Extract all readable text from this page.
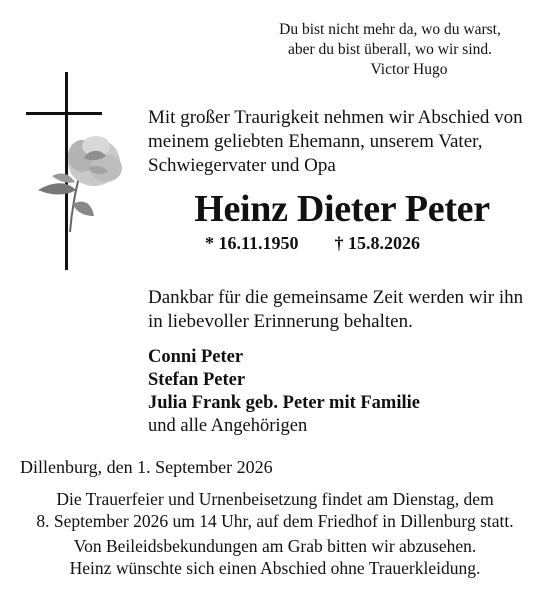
Du bist nicht mehr da, wo du warst,
aber du bist überall, wo wir sind.
Victor Hugo
Mit großer Traurigkeit nehmen wir Abschied von
meinem geliebten Ehemann, unserem Vater,
Schwiegervater und Opa
Heinz Dieter Peter
* 16.11.1950 † 15.8.2026
Dankbar für die gemeinsame Zeit werden wir ihn
in liebevoller Erinnerung behalten.
Conni Peter
Stefan Peter
Julia Frank geb. Peter mit Familie
und alle Angehörigen
Dillenburg, den 1. September 2026
Die Trauerfeier und Urnenbeisetzung findet am Dienstag, dem
8. September 2026 um 14 Uhr, auf dem Friedhof in Dillenburg statt.
Von Beileidsbekundungen am Grab bitten wir abzusehen.
Heinz wünschte sich einen Abschied ohne Trauerkleidung.
